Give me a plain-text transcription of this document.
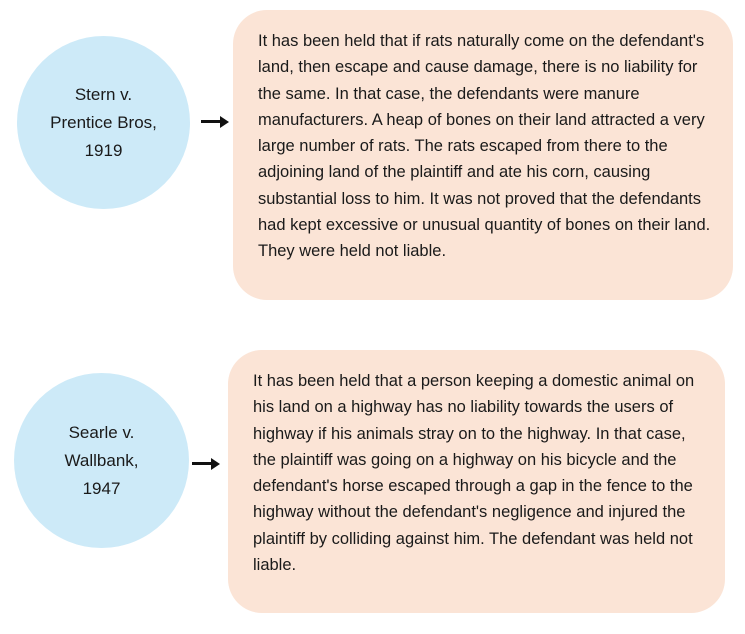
Stern v.
Prentice Bros,
1919
It has been held that if rats naturally come on the defendant's land, then escape and cause damage, there is no liability for the same. In that case, the defendants were manure manufacturers. A heap of bones on their land attracted a very large number of rats. The rats escaped from there to the adjoining land of the plaintiff and ate his corn, causing substantial loss to him. It was not proved that the defendants had kept excessive or unusual quantity of bones on their land. They were held not liable.
Searle v.
Wallbank,
1947
It has been held that a person keeping a domestic animal on his land on a highway has no liability towards the users of highway if his animals stray on to the highway. In that case, the plaintiff was going on a highway on his bicycle and the defendant's horse escaped through a gap in the fence to the highway without the defendant's negligence and injured the plaintiff by colliding against him. The defendant was held not liable.
